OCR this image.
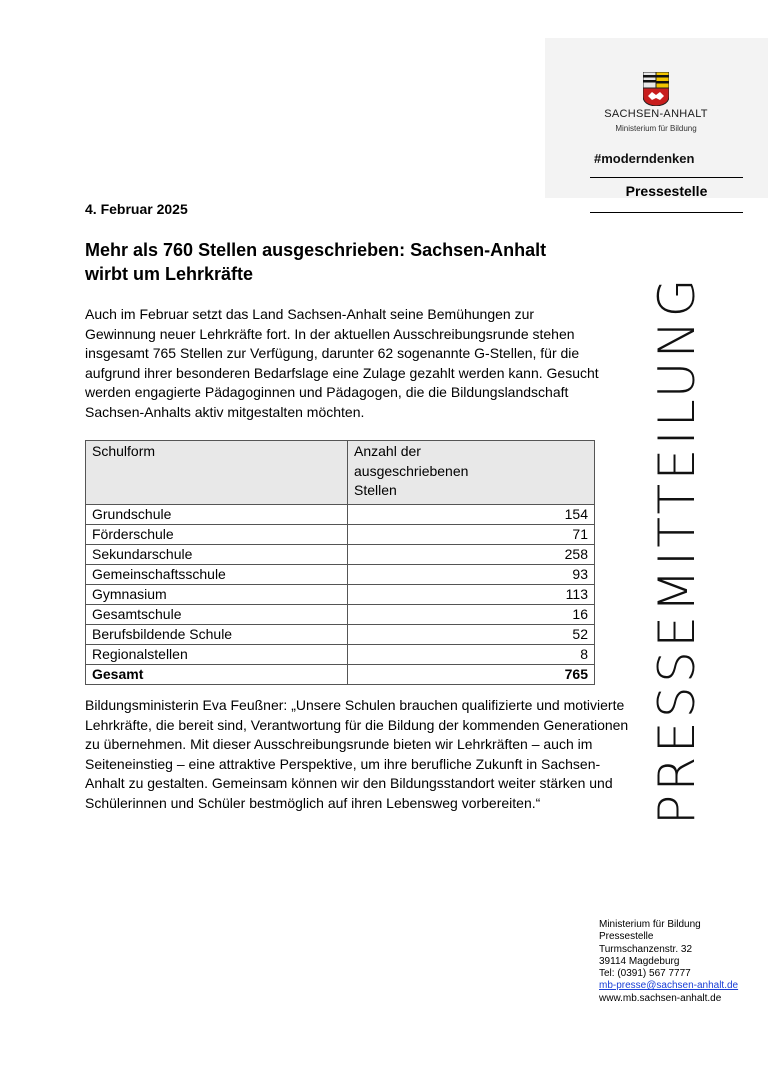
SACHSEN-ANHALT
Ministerium für Bildung
#moderndenken
Pressestelle
PRESSEMITTEILUNG
4. Februar 2025
Mehr als 760 Stellen ausgeschrieben: Sachsen-Anhalt wirbt um Lehrkräfte
Auch im Februar setzt das Land Sachsen-Anhalt seine Bemühungen zur Gewinnung neuer Lehrkräfte fort. In der aktuellen Ausschreibungsrunde stehen insgesamt 765 Stellen zur Verfügung, darunter 62 sogenannte G-Stellen, für die aufgrund ihrer besonderen Bedarfslage eine Zulage gezahlt werden kann. Gesucht werden engagierte Pädagoginnen und Pädagogen, die die Bildungslandschaft Sachsen-Anhalts aktiv mitgestalten möchten.
Schulform	Anzahl der ausgeschriebenen Stellen

Grundschule	154
Förderschule	71
Sekundarschule	258
Gemeinschaftsschule	93
Gymnasium	113
Gesamtschule	16
Berufsbildende Schule	52
Regionalstellen	8
Gesamt	765
Bildungsministerin Eva Feußner: „Unsere Schulen brauchen qualifizierte und motivierte Lehrkräfte, die bereit sind, Verantwortung für die Bildung der kommenden Generationen zu übernehmen. Mit dieser Ausschreibungsrunde bieten wir Lehrkräften – auch im Seiteneinstieg – eine attraktive Perspektive, um ihre berufliche Zukunft in Sachsen-Anhalt zu gestalten. Gemeinsam können wir den Bildungsstandort weiter stärken und Schülerinnen und Schüler bestmöglich auf ihren Lebensweg vorbereiten.“
Ministerium für Bildung
Pressestelle
Turmschanzenstr. 32
39114 Magdeburg
Tel: (0391) 567 7777
mb-presse@sachsen-anhalt.de
www.mb.sachsen-anhalt.de
